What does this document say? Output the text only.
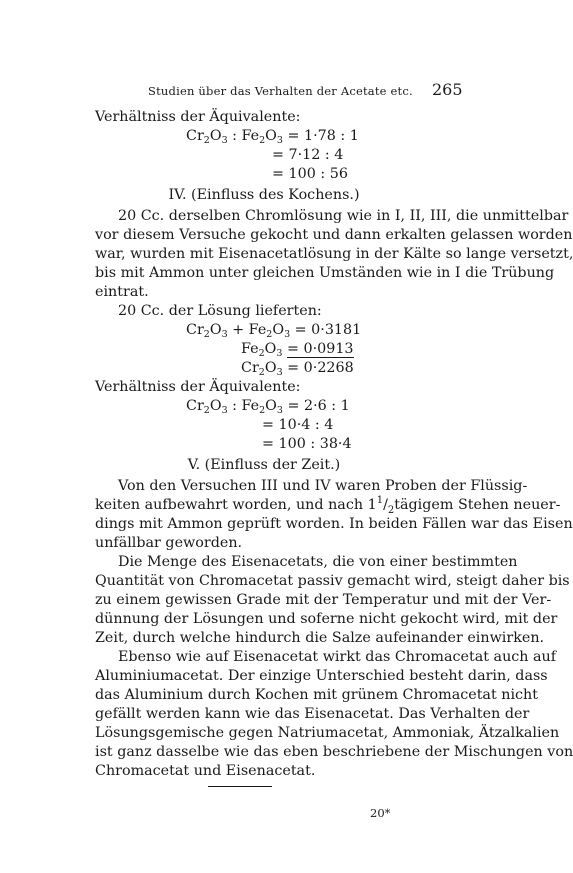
Studien über das Verhalten der Acetate etc. 265
Verhältniss der Äquivalente:
$Cr_2O_3$ : $Fe_2O_3 = 1\cdot 78$ : 1
= 7·12 : 4
= 100 : 56
IV. (Einfluss des Kochens.)
20 Cc. derselben Chromlösung wie in I, II, III, die unmittelbar
vor diesem Versuche gekocht und dann erkalten gelassen worden
war, wurden mit Eisenacetatlösung in der Kälte so lange versetzt,
bis mit Ammon unter gleichen Umständen wie in I die Trübung
eintrat.
20 Cc. der Lösung lieferten:
$Cr_2O_3 + Fe_2O_3 = 0\cdot 3181$
$Fe_2O_3 = 0\cdot 0913$
$Cr_2O_3 = 0\cdot 2268$
Verhältniss der Äquivalente:
$Cr_2O_3$ : $Fe_2O_3 = 2\cdot 6$ : 1
= 10·4 : 4
= 100 : 38·4
V. (Einfluss der Zeit.)
Von den Versuchen III und IV waren Proben der Flüssig-
keiten aufbewahrt worden, und nach $1^1/_2tägigem$ Stehen neuer-
dings mit Ammon geprüft worden. In beiden Fällen war das Eisen
unfällbar geworden.
Die Menge des Eisenacetats, die von einer bestimmten
Quantität von Chromacetat passiv gemacht wird, steigt daher bis
zu einem gewissen Grade mit der Temperatur und mit der Ver-
dünnung der Lösungen und soferne nicht gekocht wird, mit der
Zeit, durch welche hindurch die Salze aufeinander einwirken.
Ebenso wie auf Eisenacetat wirkt das Chromacetat auch auf
Aluminiumacetat. Der einzige Unterschied besteht darin, dass
das Aluminium durch Kochen mit grünem Chromacetat nicht
gefällt werden kann wie das Eisenacetat. Das Verhalten der
Lösungsgemische gegen Natriumacetat, Ammoniak, Ätzalkalien
ist ganz dasselbe wie das eben beschriebene der Mischungen von
Chromacetat und Eisenacetat.
20*
